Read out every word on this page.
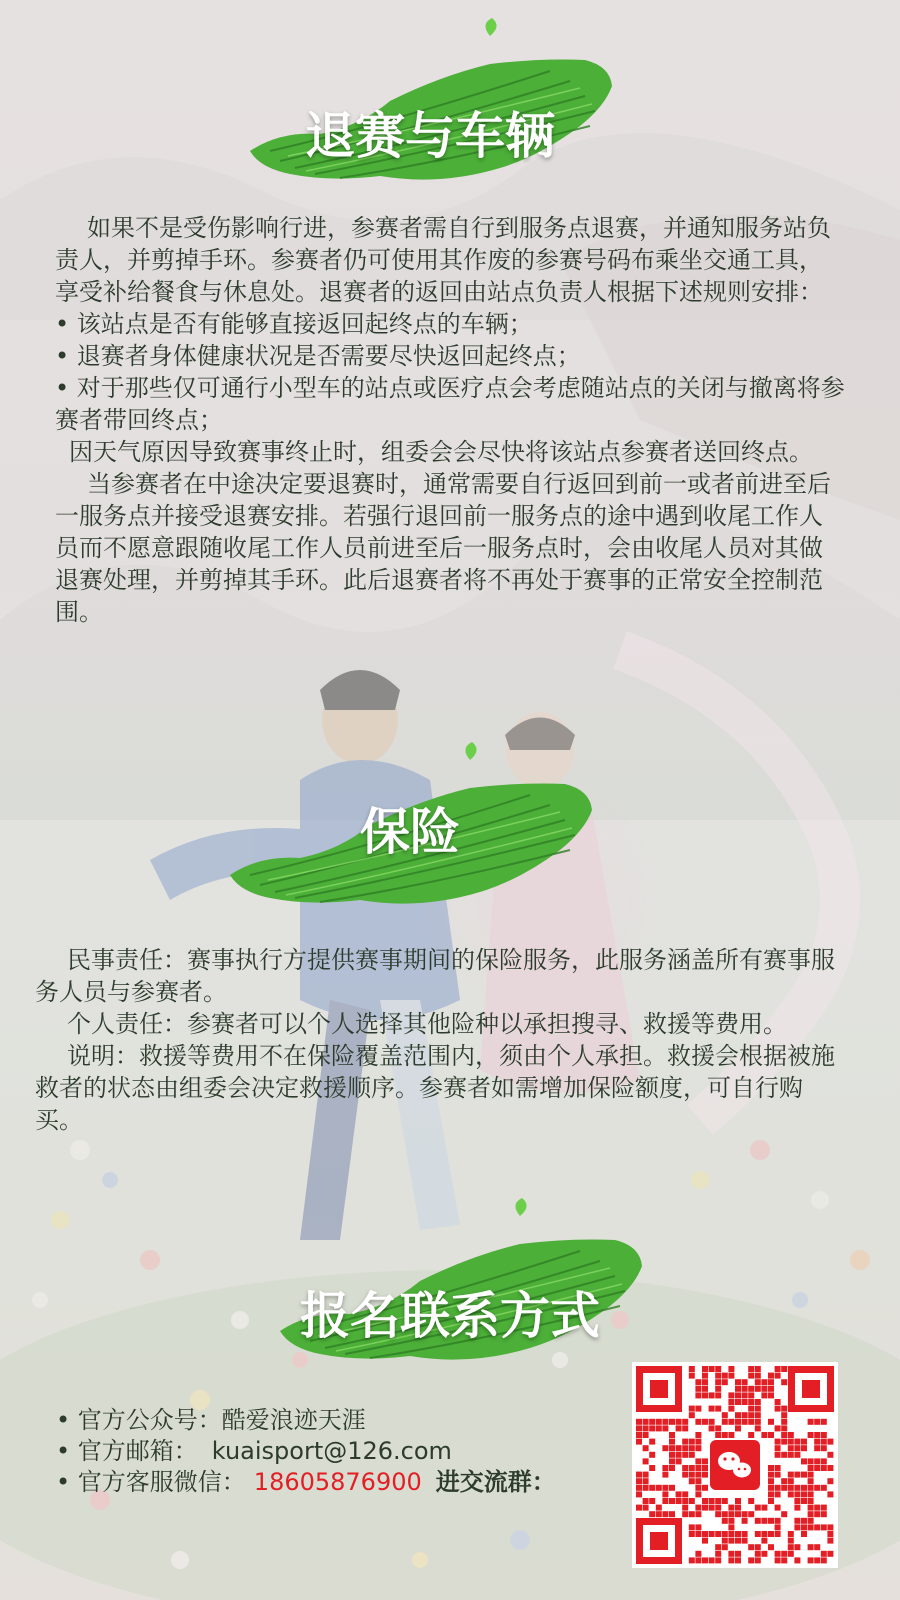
退赛与车辆

如果不是受伤影响行进，参赛者需自行到服务点退赛，并通知服务站负责人，并剪掉手环。参赛者仍可使用其作废的参赛号码布乘坐交通工具，享受补给餐食与休息处。退赛者的返回由站点负责人根据下述规则安排：

• 该站点是否有能够直接返回起终点的车辆；

• 退赛者身体健康状况是否需要尽快返回起终点；

• 对于那些仅可通行小型车的站点或医疗点会考虑随站点的关闭与撤离将参赛者带回终点；

因天气原因导致赛事终止时，组委会会尽快将该站点参赛者送回终点。

当参赛者在中途决定要退赛时，通常需要自行返回到前一或者前进至后一服务点并接受退赛安排。若强行退回前一服务点的途中遇到收尾工作人员而不愿意跟随收尾工作人员前进至后一服务点时，会由收尾人员对其做退赛处理，并剪掉其手环。此后退赛者将不再处于赛事的正常安全控制范围。

保险

民事责任：赛事执行方提供赛事期间的保险服务，此服务涵盖所有赛事服务人员与参赛者。

个人责任：参赛者可以个人选择其他险种以承担搜寻、救援等费用。

说明：救援等费用不在保险覆盖范围内，须由个人承担。救援会根据被施救者的状态由组委会决定救援顺序。参赛者如需增加保险额度，可自行购买。

报名联系方式
• 官方公众号：酷爱浪迹天涯
• 官方邮箱： kuaisport@126.com
• 官方客服微信： 18605876900 进交流群：
